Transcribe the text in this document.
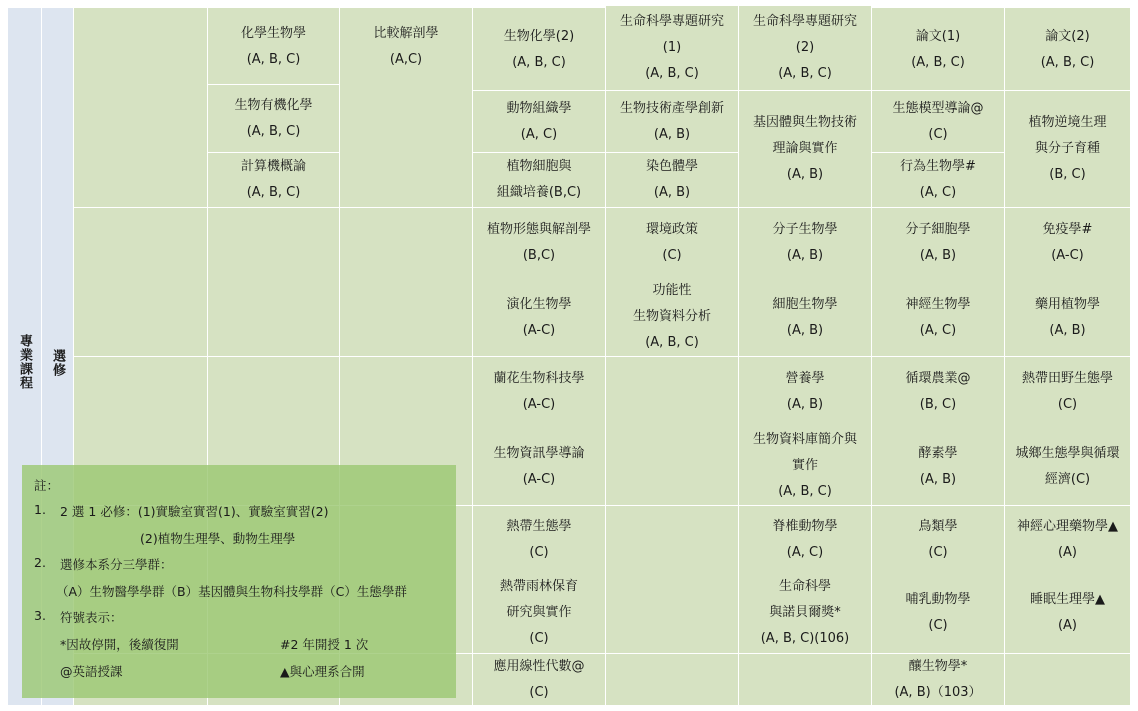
專業課程 選修
化學生物學
(A, B, C)
比較解剖學
(A,C)
生物化學(2)
(A, B, C)
生命科學專題研究
(1)
(A, B, C)
生命科學專題研究
(2)
(A, B, C)
論文(1)
(A, B, C)
論文(2)
(A, B, C)
生物有機化學
(A, B, C)
動物組織學
(A, C)
生物技術產學創新
(A, B)
基因體與生物技術
理論與實作
(A, B)
生態模型導論@
(C)
植物逆境生理
與分子育種
(B, C)
計算機概論
(A, B, C)
植物細胞與
組織培養(B,C)
染色體學
(A, B)
行為生物學#
(A, C)
植物形態與解剖學
(B,C)
環境政策
(C)
分子生物學
(A, B)
分子細胞學
(A, B)
免疫學#
(A-C)
演化生物學
(A-C)
功能性
生物資料分析
(A, B, C)
細胞生物學
(A, B)
神經生物學
(A, C)
藥用植物學
(A, B)
蘭花生物科技學
(A-C)
營養學
(A, B)
循環農業@
(B, C)
熱帶田野生態學
(C)
生物資訊學導論
(A-C)
生物資料庫簡介與
實作
(A, B, C)
酵素學
(A, B)
城鄉生態學與循環
經濟(C)
熱帶生態學
(C)
脊椎動物學
(A, C)
鳥類學
(C)
神經心理藥物學▲
(A)
熱帶雨林保育
研究與實作
(C)
生命科學
與諾貝爾獎*
(A, B, C)(106)
哺乳動物學
(C)
睡眠生理學▲
(A)
應用線性代數@
(C)
釀生物學*
(A, B)（103）
註：
1. 2 選 1 必修：(1)實驗室實習(1)、實驗室實習(2)
(2)植物生理學、動物生理學
2. 選修本系分三學群：
（A）生物醫學學群（B）基因體與生物科技學群（C）生態學群
3. 符號表示：
*因故停開，後續復開	#2 年開授 1 次
@英語授課	▲與心理系合開
